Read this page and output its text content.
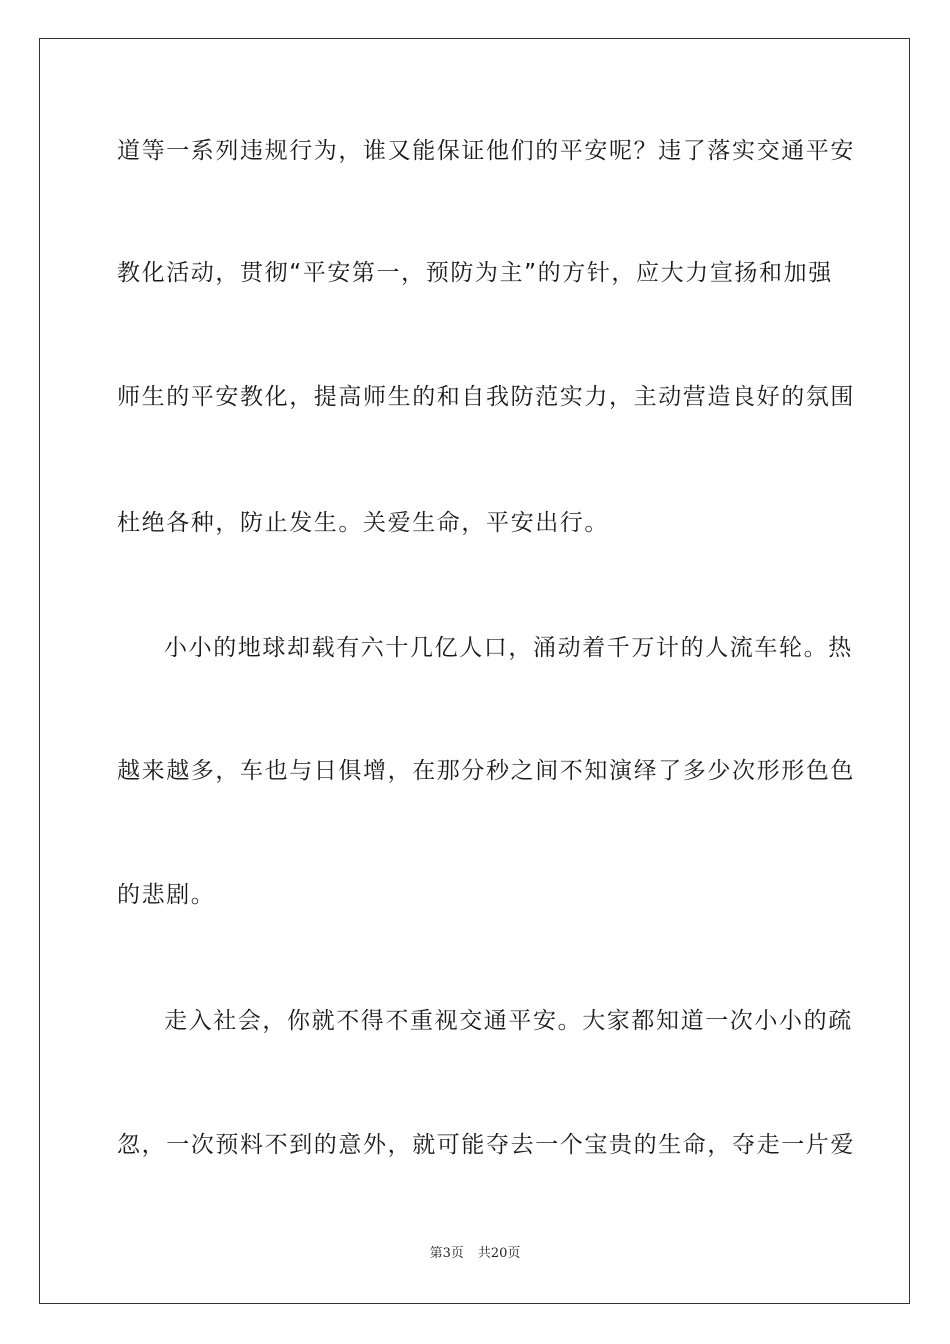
道等一系列违规行为，谁又能保证他们的平安呢？违了落实交通平安
教化活动，贯彻“平安第一，预防为主”的方针，应大力宣扬和加强
师生的平安教化，提高师生的和自我防范实力，主动营造良好的氛围
杜绝各种，防止发生。关爱生命，平安出行。
小小的地球却载有六十几亿人口，涌动着千万计的人流车轮。热
越来越多，车也与日俱增，在那分秒之间不知演绎了多少次形形色色
的悲剧。
走入社会，你就不得不重视交通平安。大家都知道一次小小的疏
忽，一次预料不到的意外，就可能夺去一个宝贵的生命，夺走一片爱
第3页 共20页
